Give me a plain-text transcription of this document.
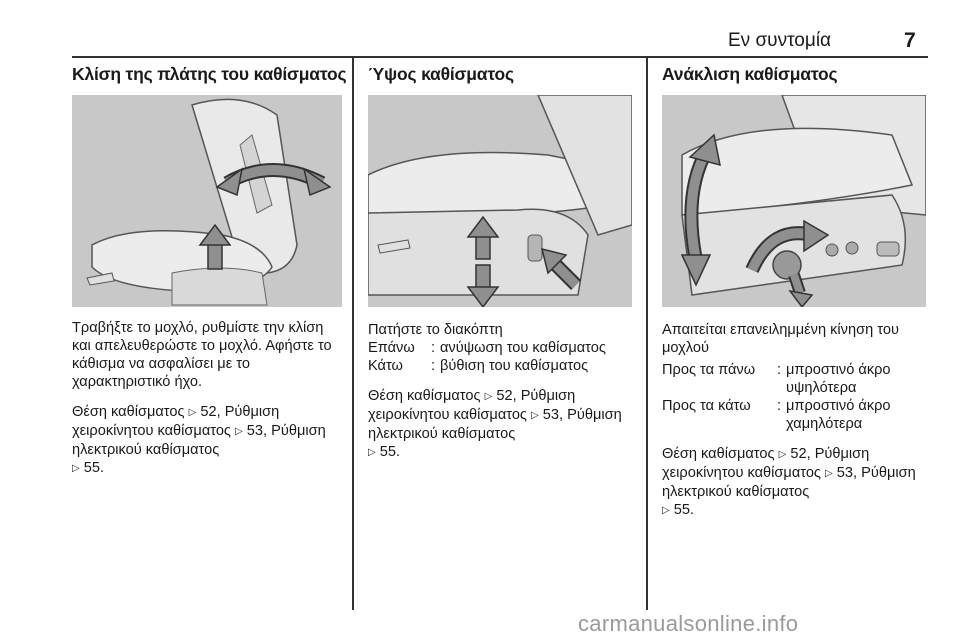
Εν συντομία	7
Κλίση της πλάτης του καθίσματος

Τραβήξτε το μοχλό, ρυθμίστε την κλίση και απελευθερώστε το μοχλό. Αφήστε το κάθισμα να ασφαλίσει με το χαρακτηριστικό ήχο.

Θέση καθίσματος ▷ 52, Ρύθμιση χειροκίνητου καθίσματος ▷ 53, Ρύθμιση ηλεκτρικού καθίσματος
▷ 55.

Ύψος καθίσματος

Πατήστε το διακόπτη

Επάνω	: ανύψωση του καθίσματος
Κάτω	: βύθιση του καθίσματος

Θέση καθίσματος ▷ 52, Ρύθμιση χειροκίνητου καθίσματος ▷ 53, Ρύθμιση ηλεκτρικού καθίσματος
▷ 55.

Ανάκλιση καθίσματος

Απαιτείται επανειλημμένη κίνηση του μοχλού

Προς τα πάνω	: μπροστινό άκρο υψηλότερα
Προς τα κάτω	: μπροστινό άκρο χαμηλότερα

Θέση καθίσματος ▷ 52, Ρύθμιση χειροκίνητου καθίσματος ▷ 53, Ρύθμιση ηλεκτρικού καθίσματος
▷ 55.

carmanualsonline.info
